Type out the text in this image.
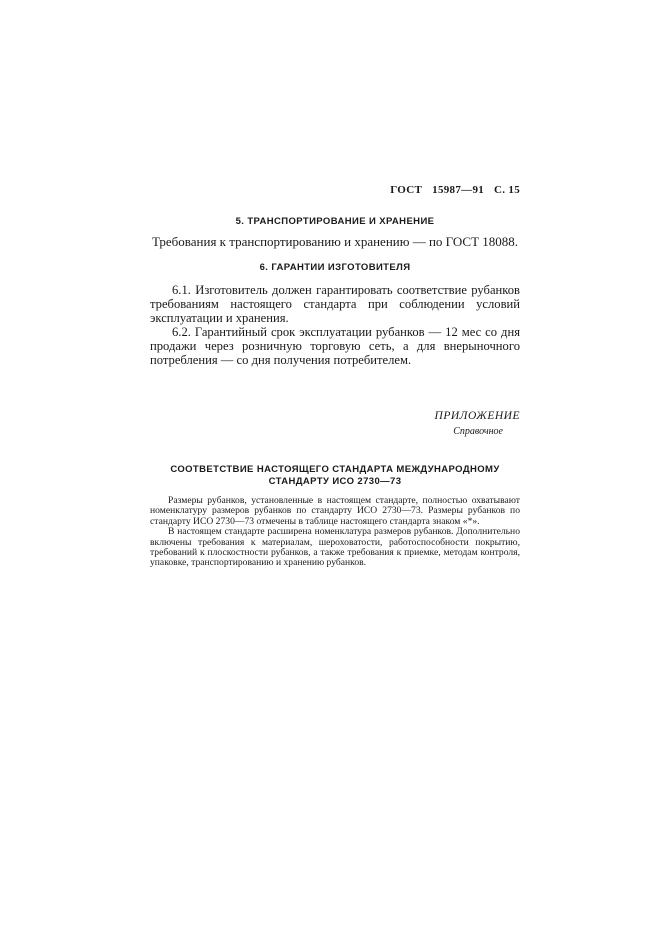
ГОСТ 15987—91 С. 15
5. ТРАНСПОРТИРОВАНИЕ И ХРАНЕНИЕ
Требования к транспортированию и хранению — по ГОСТ 18088.
6. ГАРАНТИИ ИЗГОТОВИТЕЛЯ

6.1. Изготовитель должен гарантировать соответствие рубанков требованиям настоящего стандарта при соблюдении условий эксплуатации и хранения.

6.2. Гарантийный срок эксплуатации рубанков — 12 мес со дня продажи через розничную торговую сеть, а для внерыночного потребления — со дня получения потребителем.

ПРИЛОЖЕНИЕ
Справочное
СООТВЕТСТВИЕ НАСТОЯЩЕГО СТАНДАРТА МЕЖДУНАРОДНОМУ
СТАНДАРТУ ИСО 2730—73

Размеры рубанков, установленные в настоящем стандарте, полностью охватывают номенклатуру размеров рубанков по стандарту ИСО 2730—73. Размеры рубанков по стандарту ИСО 2730—73 отмечены в таблице настоящего стандарта знаком «*».

В настоящем стандарте расширена номенклатура размеров рубанков. Дополнительно включены требования к материалам, шероховатости, работоспособности покрытию, требований к плоскостности рубанков, а также требования к приемке, методам контроля, упаковке, транспортированию и хранению рубанков.
